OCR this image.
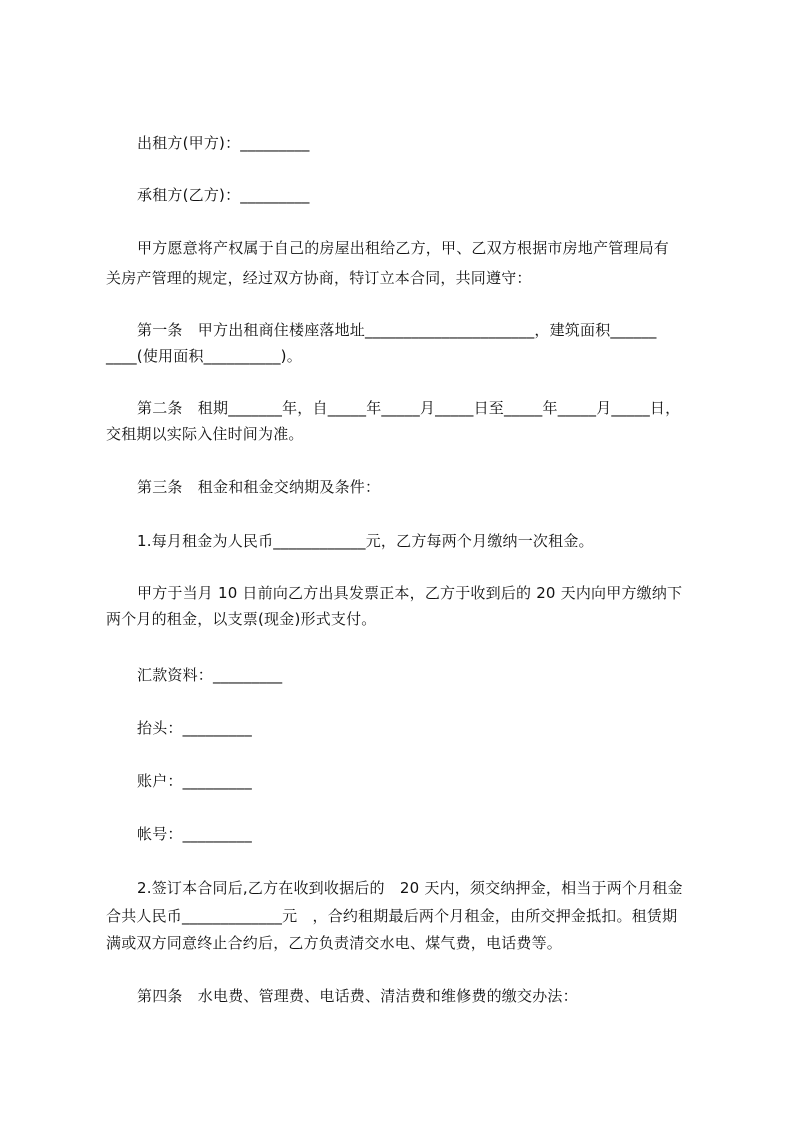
出租方(甲方)：_________
承租方(乙方)：_________
甲方愿意将产权属于自己的房屋出租给乙方，甲、乙双方根据市房地产管理局有
关房产管理的规定，经过双方协商，特订立本合同，共同遵守：
第一条　甲方出租商住楼座落地址______________________，建筑面积______
____(使用面积__________)。
第二条　租期_______年，自_____年_____月_____日至_____年_____月_____日，
交租期以实际入住时间为准。
第三条　租金和租金交纳期及条件：
1.每月租金为人民币____________元，乙方每两个月缴纳一次租金。
甲方于当月 10 日前向乙方出具发票正本，乙方于收到后的 20 天内向甲方缴纳下
两个月的租金，以支票(现金)形式支付。
汇款资料：_________
抬头：_________
账户：_________
帐号：_________
2.签订本合同后,乙方在收到收据后的　20 天内，须交纳押金，相当于两个月租金
合共人民币_____________元　，合约租期最后两个月租金，由所交押金抵扣。租赁期
满或双方同意终止合约后，乙方负责清交水电、煤气费，电话费等。
第四条　水电费、管理费、电话费、清洁费和维修费的缴交办法：
